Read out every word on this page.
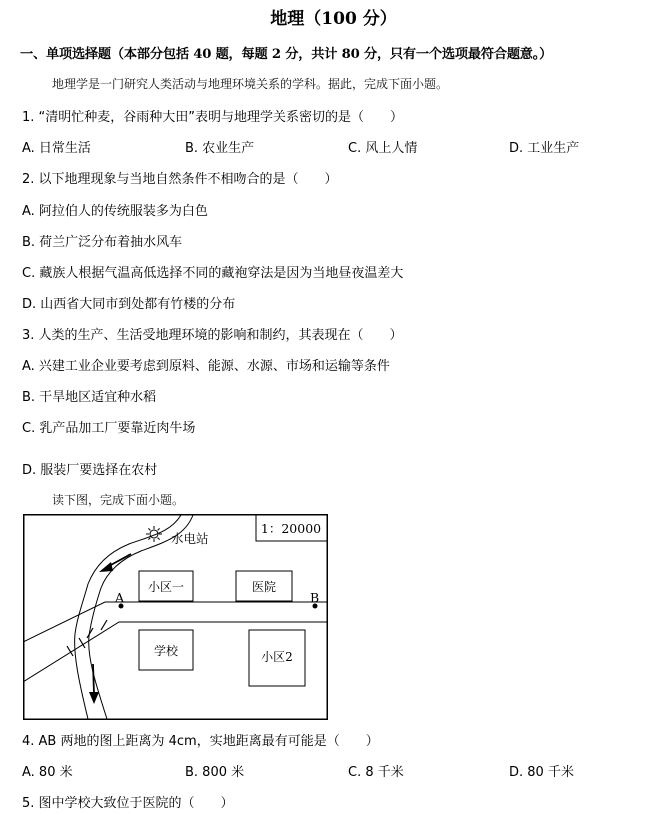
地理（100 分）
一、单项选择题（本部分包括 40 题，每题 2 分，共计 80 分，只有一个选项最符合题意。）
地理学是一门研究人类活动与地理环境关系的学科。据此，完成下面小题。
1. “清明忙种麦，谷雨种大田”表明与地理学关系密切的是（　　）
A. 日常生活	B. 农业生产	C. 风上人情	D. 工业生产
2. 以下地理现象与当地自然条件不相吻合的是（　　）
A. 阿拉伯人的传统服装多为白色
B. 荷兰广泛分布着抽水风车
C. 藏族人根据气温高低选择不同的藏袍穿法是因为当地昼夜温差大
D. 山西省大同市到处都有竹楼的分布
3. 人类的生产、生活受地理环境的影响和制约，其表现在（　　）
A. 兴建工业企业要考虑到原料、能源、水源、市场和运输等条件
B. 干旱地区适宜种水稻
C. 乳产品加工厂要靠近肉牛场
D. 服装厂要选择在农村
读下图，完成下面小题。
1：20000
A	B
水电站
小区一	医院
学校	小区2
4. AB 两地的图上距离为 4cm，实地距离最有可能是（　　）
A. 80 米	B. 800 米	C. 8 千米	D. 80 千米
5. 图中学校大致位于医院的（　　）
